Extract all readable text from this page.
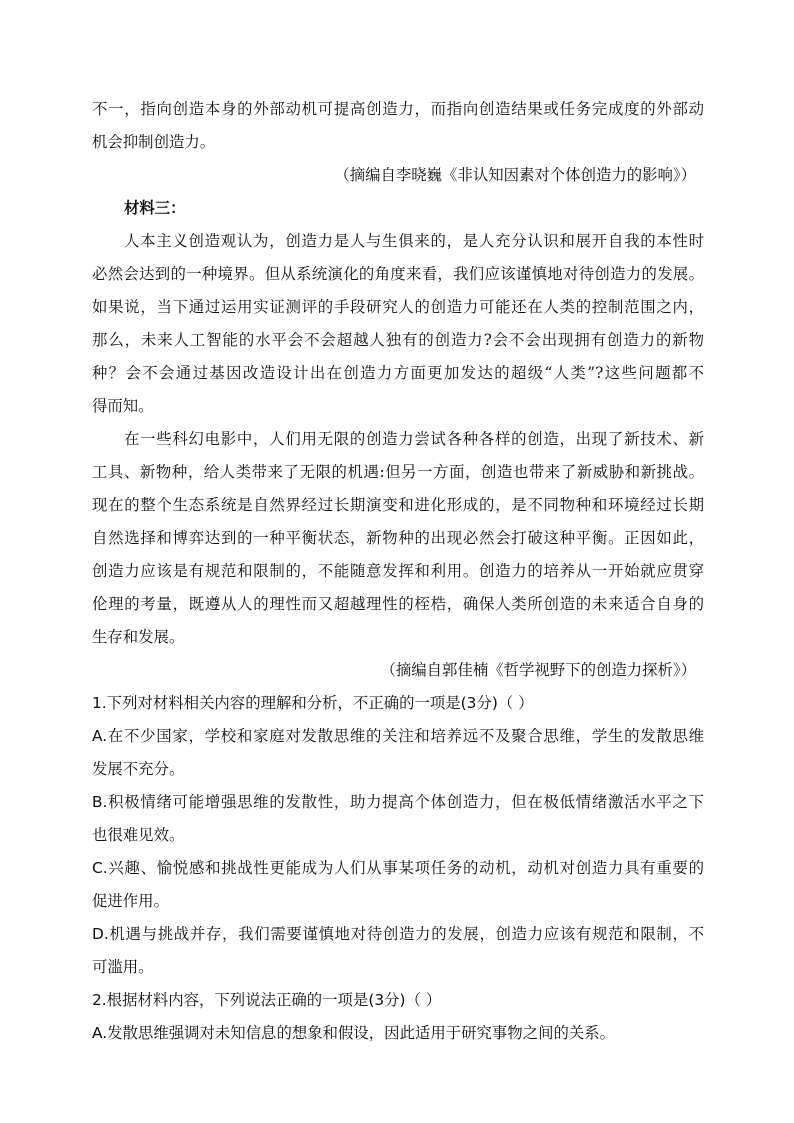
不一，指向创造本身的外部动机可提高创造力，而指向创造结果或任务完成度的外部动
机会抑制创造力。
（摘编自李晓巍《非认知因素对个体创造力的影响》）
材料三：
人本主义创造观认为，创造力是人与生俱来的，是人充分认识和展开自我的本性时
必然会达到的一种境界。但从系统演化的角度来看，我们应该谨慎地对待创造力的发展。
如果说，当下通过运用实证测评的手段研究人的创造力可能还在人类的控制范围之内，
那么，未来人工智能的水平会不会超越人独有的创造力?会不会出现拥有创造力的新物
种？会不会通过基因改造设计出在创造力方面更加发达的超级“人类”?这些问题都不
得而知。
在一些科幻电影中，人们用无限的创造力尝试各种各样的创造，出现了新技术、新
工具、新物种，给人类带来了无限的机遇:但另一方面，创造也带来了新威胁和新挑战。
现在的整个生态系统是自然界经过长期演变和进化形成的，是不同物种和环境经过长期
自然选择和博弈达到的一种平衡状态，新物种的出现必然会打破这种平衡。正因如此，
创造力应该是有规范和限制的，不能随意发挥和利用。创造力的培养从一开始就应贯穿
伦理的考量，既遵从人的理性而又超越理性的桎梏，确保人类所创造的未来适合自身的
生存和发展。
（摘编自郭佳楠《哲学视野下的创造力探析》）
1.下列对材料相关内容的理解和分析，不正确的一项是(3分)（ ）
A.在不少国家，学校和家庭对发散思维的关注和培养远不及聚合思维，学生的发散思维
发展不充分。
B.积极情绪可能增强思维的发散性，助力提高个体创造力，但在极低情绪激活水平之下
也很难见效。
C.兴趣、愉悦感和挑战性更能成为人们从事某项任务的动机，动机对创造力具有重要的
促进作用。
D.机遇与挑战并存，我们需要谨慎地对待创造力的发展，创造力应该有规范和限制，不
可滥用。
2.根据材料内容，下列说法正确的一项是(3分)（ ）
A.发散思维强调对未知信息的想象和假设，因此适用于研究事物之间的关系。
